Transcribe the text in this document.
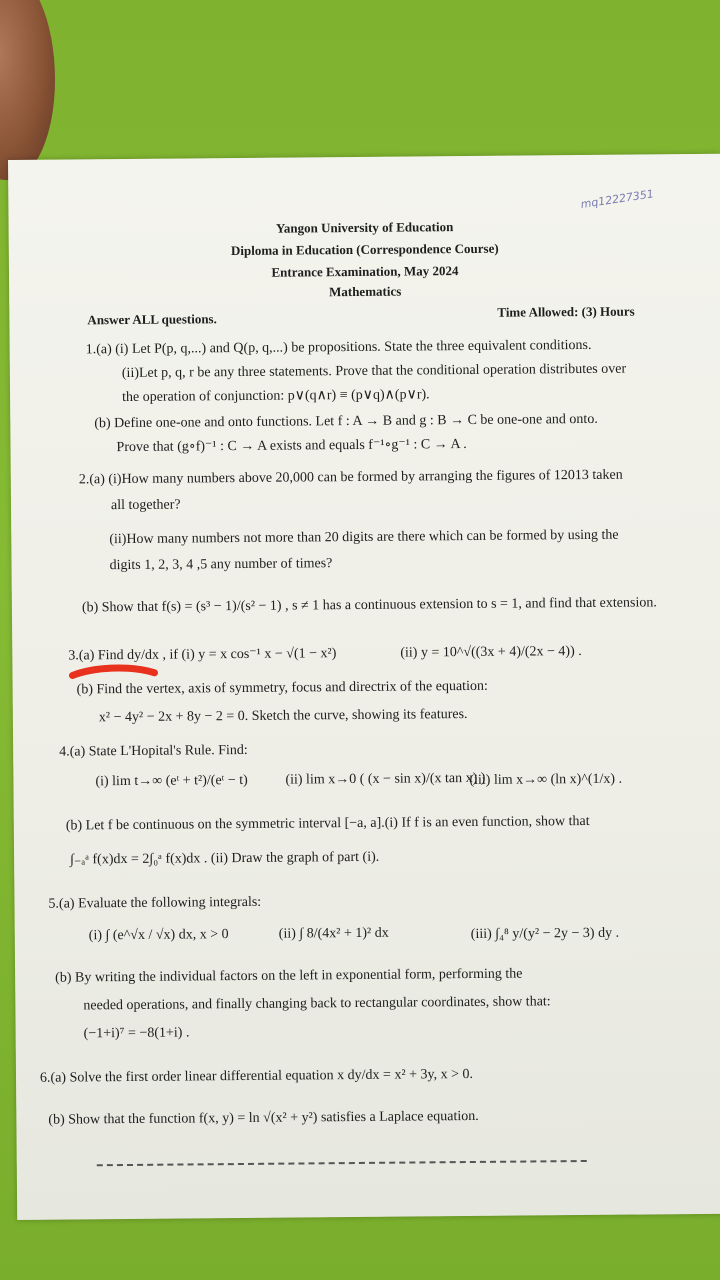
mq12227351
Yangon University of Education
Diploma in Education (Correspondence Course)
Entrance Examination, May 2024
Mathematics
Answer ALL questions.	Time Allowed: (3) Hours
1.(a) (i) Let P(p, q,...) and Q(p, q,...) be propositions. State the three equivalent conditions.
(ii)Let p, q, r be any three statements. Prove that the conditional operation distributes over
the operation of conjunction: p∨(q∧r) ≡ (p∨q)∧(p∨r).
(b) Define one-one and onto functions. Let f : A → B and g : B → C be one-one and onto.
Prove that (g∘f)⁻¹ : C → A exists and equals f⁻¹∘g⁻¹ : C → A .
2.(a) (i)How many numbers above 20,000 can be formed by arranging the figures of 12013 taken
all together?
(ii)How many numbers not more than 20 digits are there which can be formed by using the
digits 1, 2, 3, 4 ,5 any number of times?
(b) Show that f(s) = (s³ − 1)/(s² − 1) , s ≠ 1 has a continuous extension to s = 1, and find that extension.
3.(a) Find dy/dx , if (i) y = x cos⁻¹ x − √(1 − x²)	(ii) y = 10^√((3x + 4)/(2x − 4)) .
(b) Find the vertex, axis of symmetry, focus and directrix of the equation:
x² − 4y² − 2x + 8y − 2 = 0. Sketch the curve, showing its features.
4.(a) State L'Hopital's Rule. Find:
(i) lim t→∞ (eᵗ + t²)/(eᵗ − t)	(ii) lim x→0 ( (x − sin x)/(x tan x) )
(iii) lim x→∞ (ln x)^(1/x) .
(b) Let f be continuous on the symmetric interval [−a, a].(i) If f is an even function, show that
∫₋ₐᵃ f(x)dx = 2∫₀ᵃ f(x)dx . (ii) Draw the graph of part (i).
5.(a) Evaluate the following integrals:
(i) ∫ (e^√x / √x) dx, x > 0	(ii) ∫ 8/(4x² + 1)² dx	(iii) ∫₄⁸ y/(y² − 2y − 3) dy .
(b) By writing the individual factors on the left in exponential form, performing the
needed operations, and finally changing back to rectangular coordinates, show that:
(−1+i)⁷ = −8(1+i) .
6.(a) Solve the first order linear differential equation x dy/dx = x² + 3y, x > 0.
(b) Show that the function f(x, y) = ln √(x² + y²) satisfies a Laplace equation.
